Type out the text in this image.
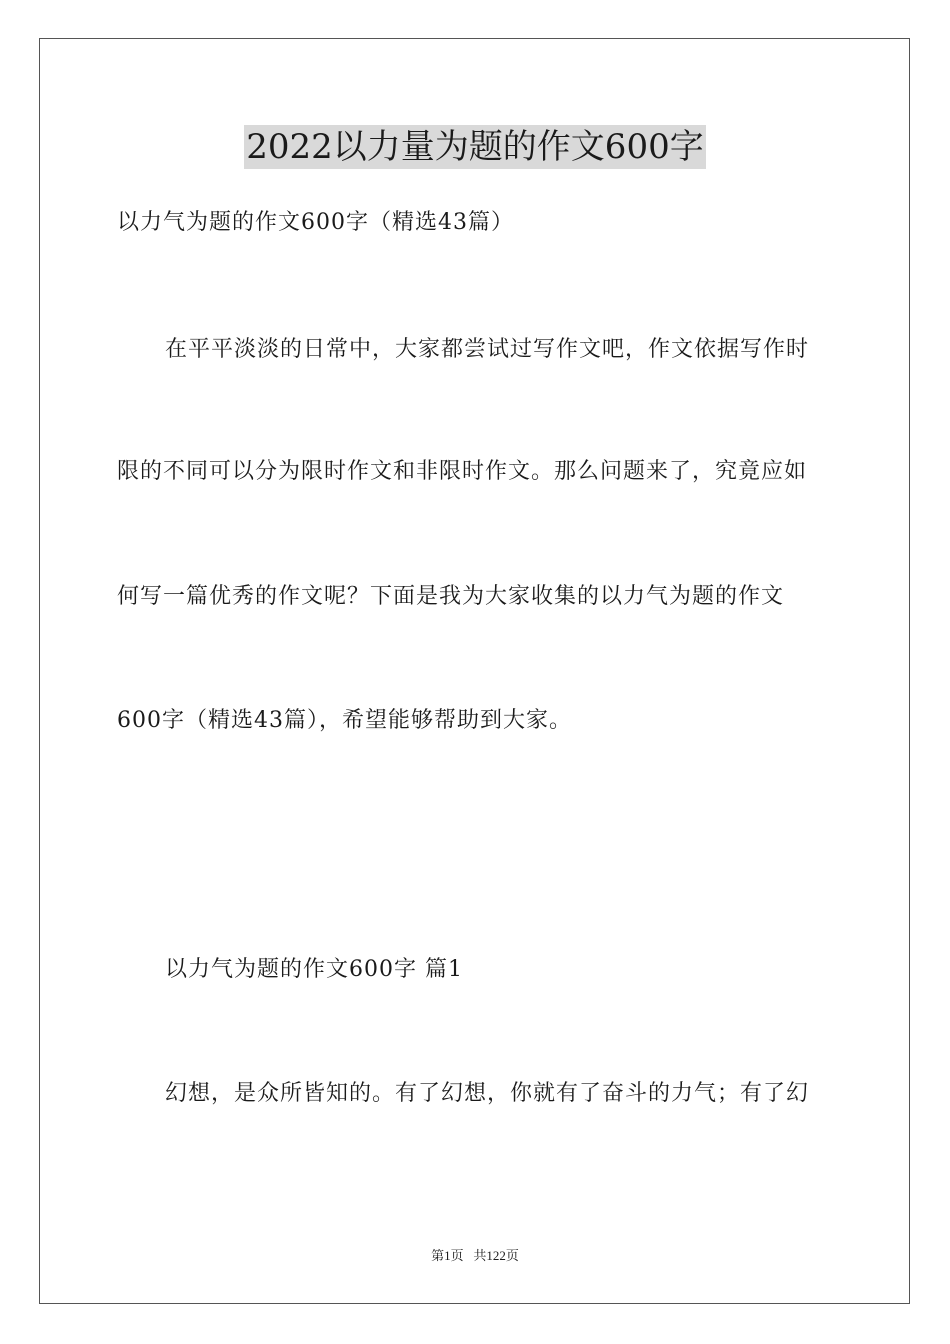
2022以力量为题的作文600字
以力气为题的作文600字（精选43篇）
在平平淡淡的日常中，大家都尝试过写作文吧，作文依据写作时
限的不同可以分为限时作文和非限时作文。那么问题来了，究竟应如
何写一篇优秀的作文呢？下面是我为大家收集的以力气为题的作文
600字（精选43篇），希望能够帮助到大家。
以力气为题的作文600字 篇1
幻想，是众所皆知的。有了幻想，你就有了奋斗的力气；有了幻
第1页 共122页
